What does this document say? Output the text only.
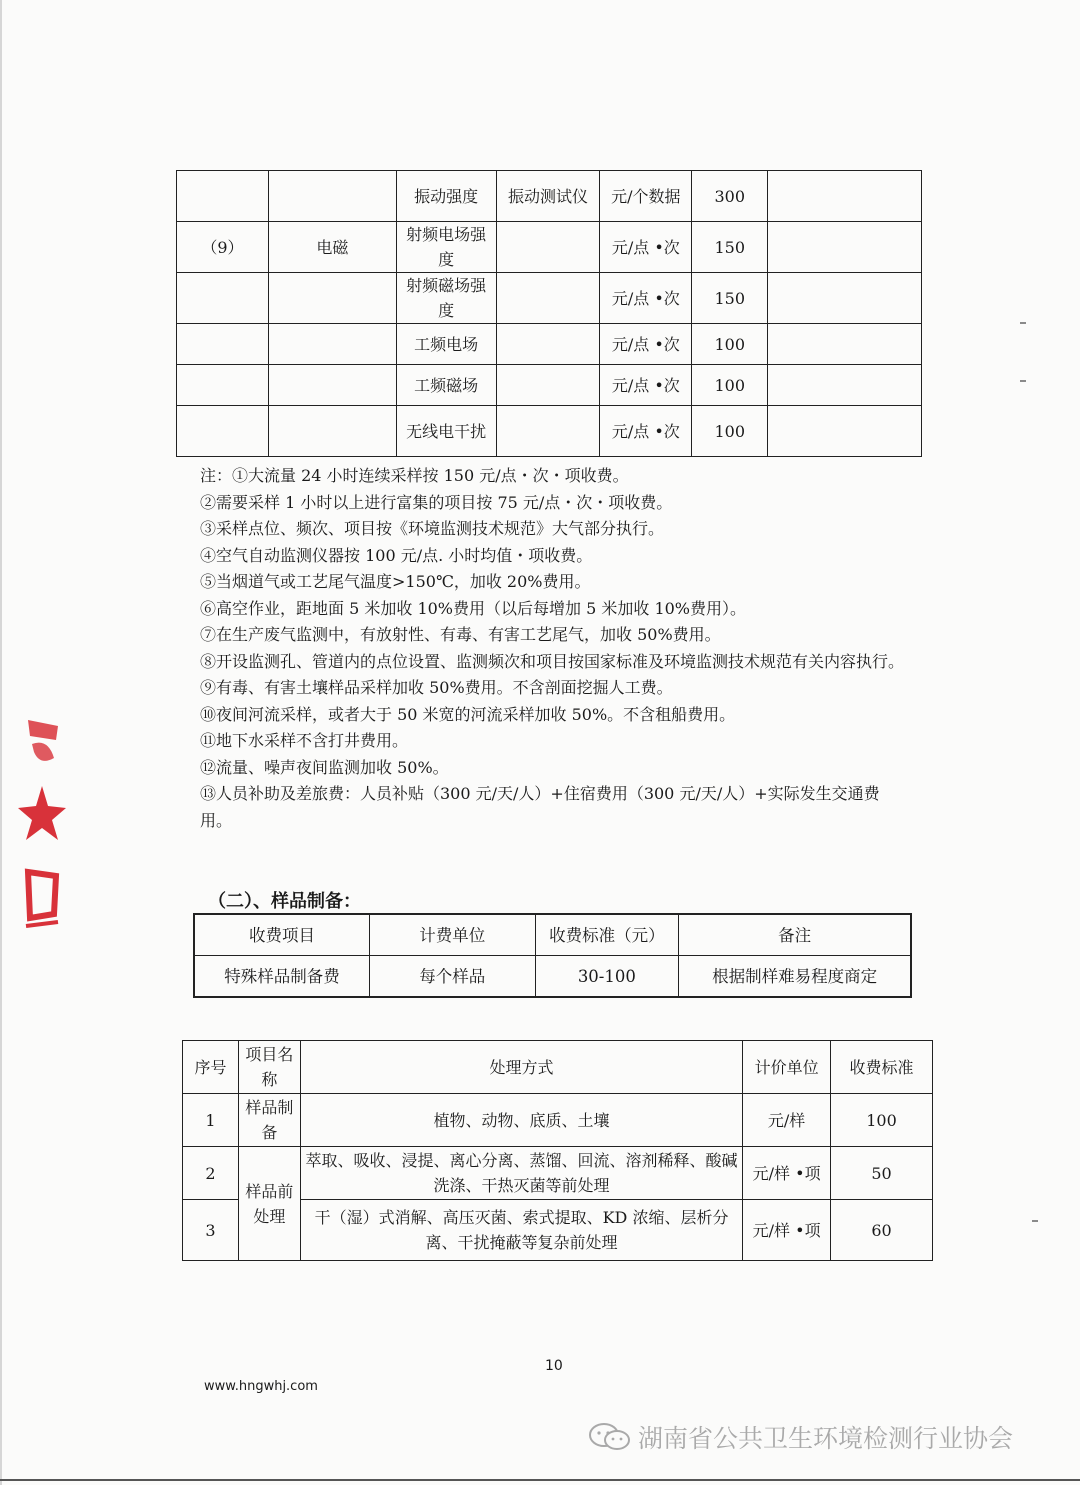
		振动强度	振动测试仪	元/个数据	300	
（9）	电磁	射频电场强度		元/点 •次	150	
		射频磁场强度		元/点 •次	150	
		工频电场		元/点 •次	100	
		工频磁场		元/点 •次	100	
		无线电干扰		元/点 •次	100	

注：①大流量 24 小时连续采样按 150 元/点・次・项收费。

②需要采样 1 小时以上进行富集的项目按 75 元/点・次・项收费。

③采样点位、频次、项目按《环境监测技术规范》大气部分执行。

④空气自动监测仪器按 100 元/点. 小时均值・项收费。

⑤当烟道气或工艺尾气温度>150℃，加收 20%费用。

⑥高空作业，距地面 5 米加收 10%费用（以后每增加 5 米加收 10%费用）。

⑦在生产废气监测中，有放射性、有毒、有害工艺尾气，加收 50%费用。

⑧开设监测孔、管道内的点位设置、监测频次和项目按国家标准及环境监测技术规范有关内容执行。

⑨有毒、有害土壤样品采样加收 50%费用。不含剖面挖掘人工费。

⑩夜间河流采样，或者大于 50 米宽的河流采样加收 50%。不含租船费用。

⑪地下水采样不含打井费用。

⑫流量、噪声夜间监测加收 50%。

⑬人员补助及差旅费：人员补贴（300 元/天/人）+住宿费用（300 元/天/人）+实际发生交通费用。

（二）、样品制备：
收费项目	计费单位	收费标准（元）	备注
特殊样品制备费	每个样品	30-100	根据制样难易程度商定
序号	项目名称	处理方式	计价单位	收费标准
1	样品制备	植物、动物、底质、土壤	元/样	100
2	样品前处理	萃取、吸收、浸提、离心分离、蒸馏、回流、溶剂稀释、酸碱洗涤、干热灭菌等前处理	元/样 •项	50
3		干（湿）式消解、高压灭菌、索式提取、KD 浓缩、层析分离、干扰掩蔽等复杂前处理	元/样 •项	60
10
www.hngwhj.com
湖南省公共卫生环境检测行业协会
